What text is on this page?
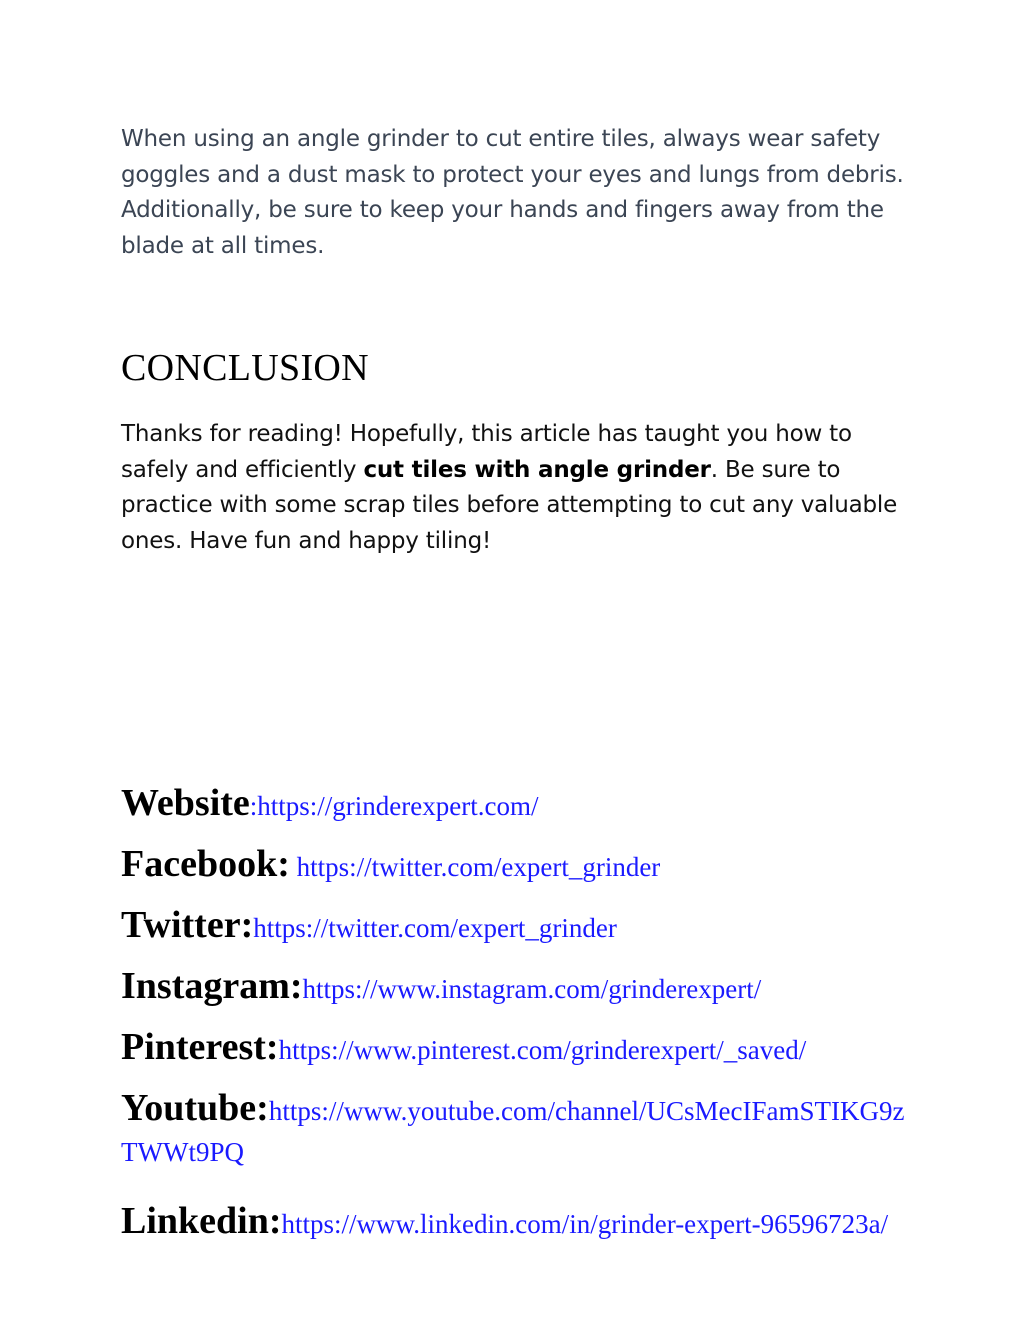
When using an angle grinder to cut entire tiles, always wear safety goggles and a dust mask to protect your eyes and lungs from debris. Additionally, be sure to keep your hands and fingers away from the blade at all times.

CONCLUSION

Thanks for reading! Hopefully, this article has taught you how to safely and efficiently cut tiles with angle grinder. Be sure to practice with some scrap tiles before attempting to cut any valuable ones. Have fun and happy tiling!

Website:https://grinderexpert.com/

Facebook: https://twitter.com/expert_grinder

Twitter:https://twitter.com/expert_grinder

Instagram:https://www.instagram.com/grinderexpert/

Pinterest:https://www.pinterest.com/grinderexpert/_saved/

Youtube:https://www.youtube.com/channel/UCsMecIFamSTIKG9zTWWt9PQ

Linkedin:https://www.linkedin.com/in/grinder-expert-96596723a/
